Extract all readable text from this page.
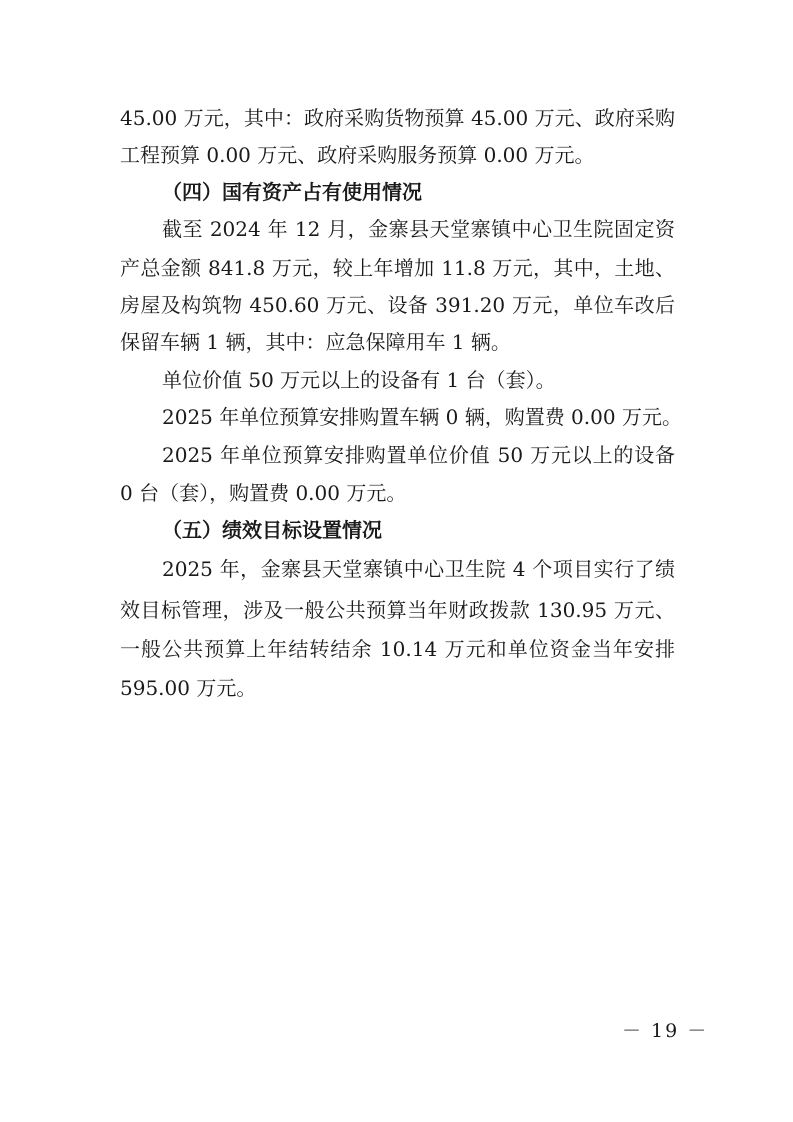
45.00 万元，其中：政府采购货物预算 45.00 万元、政府采购
工程预算 0.00 万元、政府采购服务预算 0.00 万元。
（四）国有资产占有使用情况
截至 2024 年 12 月，金寨县天堂寨镇中心卫生院固定资
产总金额 841.8 万元，较上年增加 11.8 万元，其中，土地、
房屋及构筑物 450.60 万元、设备 391.20 万元，单位车改后
保留车辆 1 辆，其中：应急保障用车 1 辆。
单位价值 50 万元以上的设备有 1 台（套）。
2025 年单位预算安排购置车辆 0 辆，购置费 0.00 万元。
2025 年单位预算安排购置单位价值 50 万元以上的设备
0 台（套），购置费 0.00 万元。
（五）绩效目标设置情况
2025 年，金寨县天堂寨镇中心卫生院 4 个项目实行了绩
效目标管理，涉及一般公共预算当年财政拨款 130.95 万元、
一般公共预算上年结转结余 10.14 万元和单位资金当年安排
595.00 万元。
－ 19 －
